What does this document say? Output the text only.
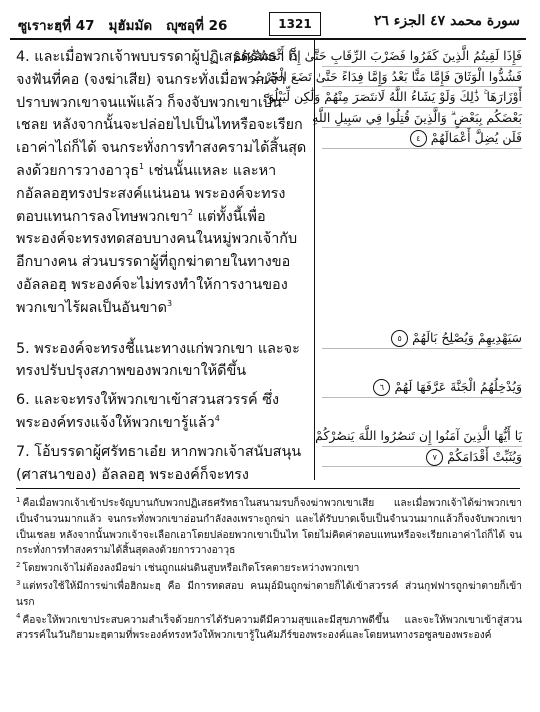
ซูเราะฮฺที่ 47 มุฮัมมัด ญุซอุที่ 26	1321	سورة محمد ٤٧ الجزء ٢٦

4. และเมื่อพวกเจ้าพบบรรดาผู้ปฏิเสธศรัทธา ก็จงฟันที่คอ (จงฆ่าเสีย) จนกระทั่งเมื่อพวกเจ้าปราบพวกเขาจนแพ้แล้ว ก็จงจับพวกเขาเป็นเชลย หลังจากนั้นจะปล่อยไปเป็นไทหรือจะเรียกเอาค่าไถ่ก็ได้ จนกระทั่งการทำสงครามได้สิ้นสุดลงด้วยการวางอาวุธ$^1$ เช่นนั้นแหละ และหากอัลลอฮฺทรงประสงค์แน่นอน พระองค์จะทรงตอบแทนการลงโทษพวกเขา$^2$ แต่ทั้งนี้เพื่อพระองค์จะทรงทดสอบบางคนในหมู่พวกเจ้ากับอีกบางคน ส่วนบรรดาผู้ที่ถูกฆ่าตายในทางของอัลลอฮฺ พระองค์จะไม่ทรงทำให้การงานของพวกเขาไร้ผลเป็นอันขาด$^3$

5. พระองค์จะทรงชี้แนะทางแก่พวกเขา และจะทรงปรับปรุงสภาพของพวกเขาให้ดีขึ้น

6. และจะทรงให้พวกเขาเข้าสวนสวรรค์ ซึ่งพระองค์ทรงแจ้งให้พวกเขารู้แล้ว$^4$

7. โอ้บรรดาผู้ศรัทธาเอ๋ย หากพวกเจ้าสนับสนุน (ศาสนาของ) อัลลอฮฺ พระองค์ก็จะทรง

فَإِذَا لَقِيتُمُ الَّذِينَ كَفَرُوا فَضَرْبَ الرِّقَابِ حَتَّىٰ إِذَا أَثْخَنتُمُوهُمْ
فَشُدُّوا الْوَثَاقَ فَإِمَّا مَنًّا بَعْدُ وَإِمَّا فِدَاءً حَتَّىٰ تَضَعَ الْحَرْبُ
أَوْزَارَهَا ۚ ذَٰلِكَ وَلَوْ يَشَاءُ اللَّهُ لَانتَصَرَ مِنْهُمْ وَلَٰكِن لِّيَبْلُوَ
بَعْضَكُم بِبَعْضٍ ۗ وَالَّذِينَ قُتِلُوا فِي سَبِيلِ اللَّهِ
فَلَن يُضِلَّ أَعْمَالَهُمْ ٤
سَيَهْدِيهِمْ وَيُصْلِحُ بَالَهُمْ ٥
وَيُدْخِلُهُمُ الْجَنَّةَ عَرَّفَهَا لَهُمْ ٦
يَا أَيُّهَا الَّذِينَ آمَنُوا إِن تَنصُرُوا اللَّهَ يَنصُرْكُمْ
وَيُثَبِّتْ أَقْدَامَكُمْ ٧

$^1$ คือเมื่อพวกเจ้าเข้าประจัญบานกับพวกปฏิเสธศรัทธาในสนามรบก็จงฆ่าพวกเขาเสีย และเมื่อพวกเจ้าได้ฆ่าพวกเขาเป็นจำนวนมากแล้ว จนกระทั่งพวกเขาอ่อนกำลังลงเพราะถูกฆ่า และได้รับบาดเจ็บเป็นจำนวนมากแล้วก็จงจับพวกเขาเป็นเชลย หลังจากนั้นพวกเจ้าจะเลือกเอาโดยปล่อยพวกเขาเป็นไท โดยไม่คิดค่าตอบแทนหรือจะเรียกเอาค่าไถ่ก็ได้ จนกระทั่งการทำสงครามได้สิ้นสุดลงด้วยการวางอาวุธ

$^2$ โดยพวกเจ้าไม่ต้องลงมือฆ่า เช่นถูกแผ่นดินสูบหรือเกิดโรคตายระหว่างพวกเขา

$^3$ แต่ทรงใช้ให้มีการฆ่าเพื่อฮิกมะฮฺ คือ มีการทดสอบ คนมุอ์มินถูกฆ่าตายก็ได้เข้าสวรรค์ ส่วนกุฟฟารถูกฆ่าตายก็เข้านรก

$^4$ คือจะให้พวกเขาประสบความสำเร็จด้วยการได้รับความดีมีความสุขและมีสุขภาพดีขึ้น และจะให้พวกเขาเข้าสู่สวนสวรรค์ในวันกิยามะฮฺตามที่พระองค์ทรงหวังให้พวกเขารู้ในคัมภีร์ของพระองค์และโดยหนทางรอซูลของพระองค์
